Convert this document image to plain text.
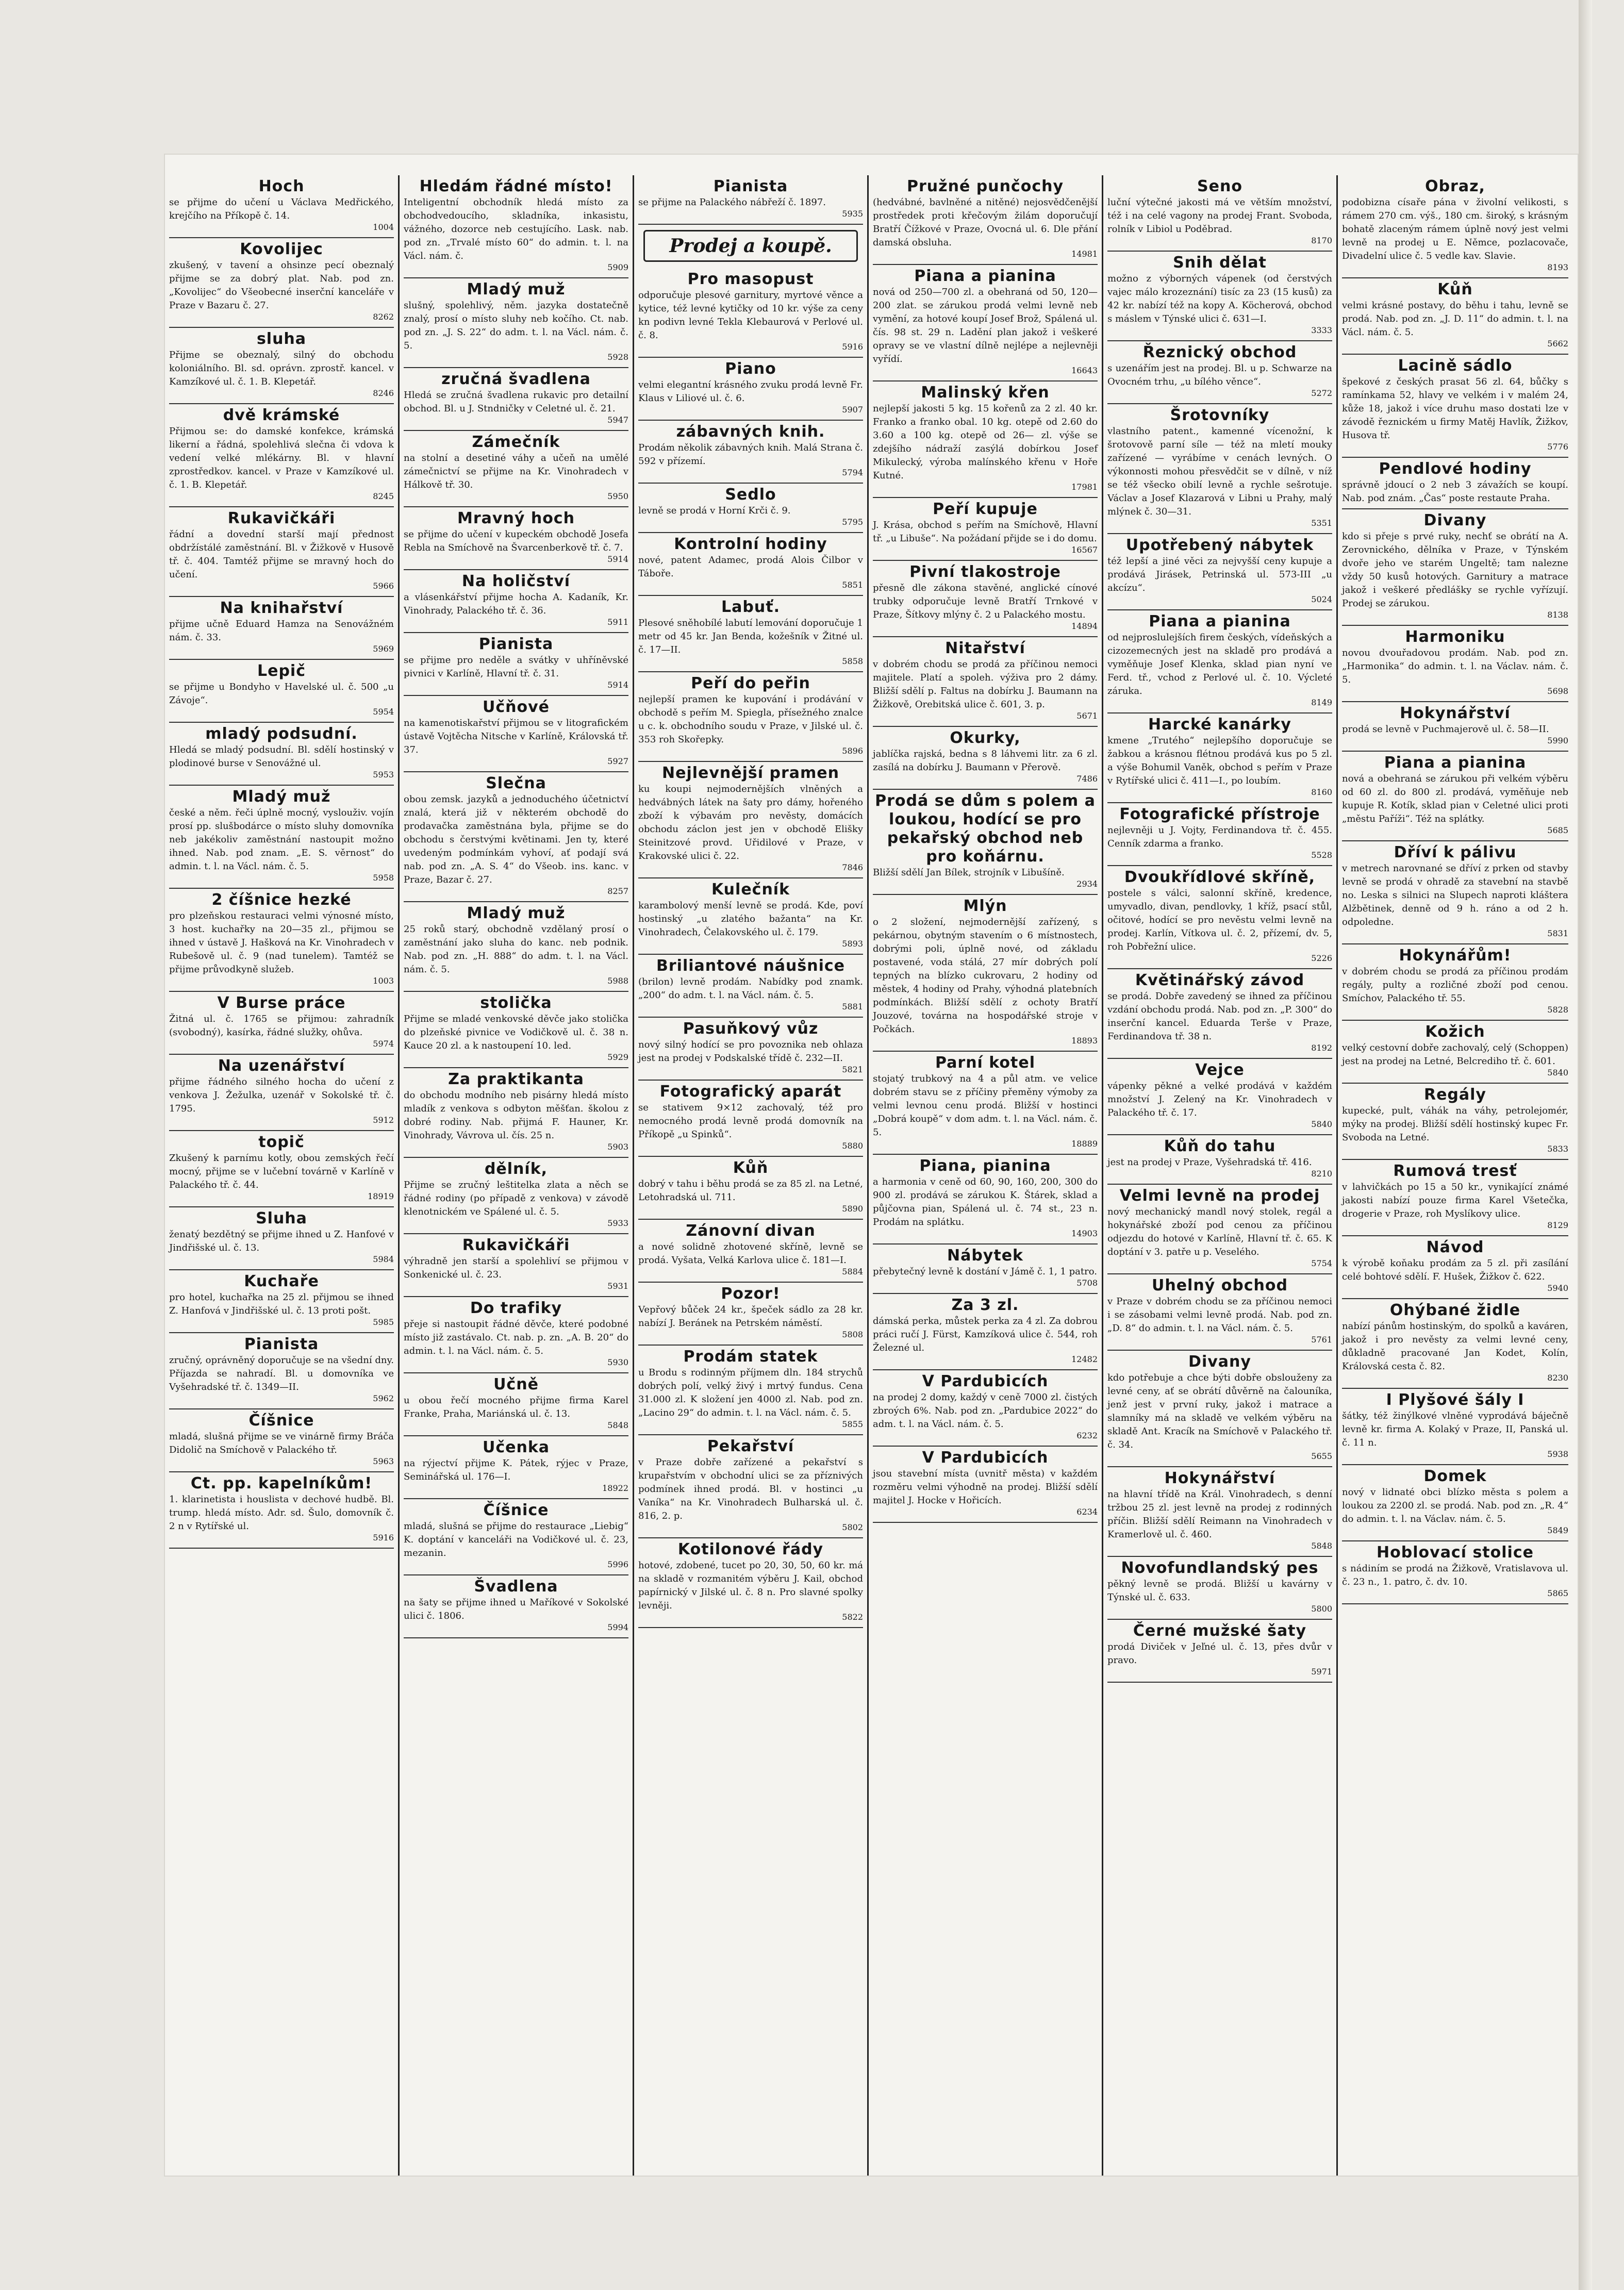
Hoch
se přijme do učení u Václava Medřického, krejčího na Příkopě č. 14.
1004
Kovolijec
zkušený, v tavení a ohsinze pecí obeznalý přijme se za dobrý plat. Nab. pod zn. „Kovolijec“ do Všeobecné inserční kanceláře v Praze v Bazaru č. 27.
8262
sluha
Přijme se obeznalý, silný do obchodu koloniálního. Bl. sd. oprávn. zprostř. kancel. v Kamzíkové ul. č. 1. B. Klepetář.
8246
dvě krámské
Přijmou se: do damské konfekce, krámská likerní a řádná, spolehlivá slečna či vdova k vedení velké mlékárny. Bl. v hlavní zprostředkov. kancel. v Praze v Kamzíkové ul. č. 1. B. Klepetář.
8245
Rukavičkáři
řádní a dovední starší mají přednost obdržístálé zaměstnání. Bl. v Žižkově v Husově tř. č. 404. Tamtéž přijme se mravný hoch do učení.
5966
Na knihařství
přijme učně Eduard Hamza na Senovážném nám. č. 33.
5969
Lepič
se přijme u Bondyho v Havelské ul. č. 500 „u Závoje“.
5954
mladý podsudní.
Hledá se mladý podsudní. Bl. sdělí hostinský v plodinové burse v Senovážné ul.
5953
Mladý muž
české a něm. řeči úplně mocný, vyslouživ. vojín prosí pp. slušbodárce o místo sluhy domovníka neb jakékoliv zaměstnání nastoupit možno ihned. Nab. pod znam. „E. S. věrnost“ do admin. t. l. na Václ. nám. č. 5.
5958
2 číšnice hezké
pro plzeňskou restauraci velmi výnosné místo, 3 host. kuchařky na 20—35 zl., přijmou se ihned v ústavě J. Hašková na Kr. Vinohradech v Rubešově ul. č. 9 (nad tunelem). Tamtéž se přijme průvodkyně služeb.
1003
V Burse práce
Žitná ul. č. 1765 se přijmou: zahradník (svobodný), kasírka, řádné služky, ohůva.
5974
Na uzenářství
přijme řádného silného hocha do učení z venkova J. Žežulka, uzenář v Sokolské tř. č. 1795.
5912
topič
Zkušený k parnímu kotly, obou zemských řečí mocný, přijme se v lučební továrně v Karlíně v Palackého tř. č. 44.
18919
Sluha
ženatý bezdětný se přijme ihned u Z. Hanfové v Jindřišské ul. č. 13.
5984
Kuchaře
pro hotel, kuchařka na 25 zl. přijmou se ihned Z. Hanfová v Jindřišské ul. č. 13 proti pošt.
5985
Pianista
zručný, oprávněný doporučuje se na všední dny. Příjazda se nahradí. Bl. u domovníka ve Vyšehradské tř. č. 1349—II.
5962
Číšnice
mladá, slušná přijme se ve vinárně firmy Bráča Didolič na Smíchově v Palackého tř.
5963
Ct. pp. kapelníkům!
1. klarinetista i houslista v dechové hudbě. Bl. trump. hledá místo. Adr. sd. Šulo, domovník č. 2 n v Rytířské ul.
5916
Hledám řádné místo!
Inteligentní obchodník hledá místo za obchodvedoucího, skladníka, inkasistu, vážného, dozorce neb cestujícího. Lask. nab. pod zn. „Trvalé místo 60“ do admin. t. l. na Václ. nám. č.
5909
Mladý muž
slušný, spolehlivý, něm. jazyka dostatečně znalý, prosí o místo sluhy neb kočího. Ct. nab. pod zn. „J. S. 22“ do adm. t. l. na Václ. nám. č. 5.
5928
zručná švadlena
Hledá se zručná švadlena rukavic pro detailní obchod. Bl. u J. Stndničky v Celetné ul. č. 21.
5947
Zámečník
na stolní a desetiné váhy a učeň na umělé zámečnictví se přijme na Kr. Vinohradech v Hálkově tř. 30.
5950
Mravný hoch
se přijme do učení v kupeckém obchodě Josefa Rebla na Smíchově na Švarcenberkově tř. č. 7.
5914
Na holičství
a vlásenkářství přijme hocha A. Kadaník, Kr. Vinohrady, Palackého tř. č. 36.
5911
Pianista
se přijme pro neděle a svátky v uhříněvské pivnici v Karlíně, Hlavní tř. č. 31.
5914
Učňové
na kamenotiskařství přijmou se v litografickém ústavě Vojtěcha Nitsche v Karlíně, Královská tř. 37.
5927
Slečna
obou zemsk. jazyků a jednoduchého účetnictví znalá, která již v některém obchodě do prodavačka zaměstnána byla, přijme se do obchodu s čerstvými květinami. Jen ty, které uvedeným podmínkám vyhoví, ať podají svá nab. pod zn. „A. S. 4“ do Všeob. ins. kanc. v Praze, Bazar č. 27.
8257
Mladý muž
25 roků starý, obchodně vzdělaný prosí o zaměstnání jako sluha do kanc. neb podnik. Nab. pod zn. „H. 888“ do adm. t. l. na Václ. nám. č. 5.
5988
stolička
Přijme se mladé venkovské děvče jako stolička do plzeňské pivnice ve Vodičkově ul. č. 38 n. Kauce 20 zl. a k nastoupení 10. led.
5929
Za praktikanta
do obchodu modního neb pisárny hledá místo mladík z venkova s odbyton měšťan. školou z dobré rodiny. Nab. přijmá F. Hauner, Kr. Vinohrady, Vávrova ul. čís. 25 n.
5903
dělník,
Přijme se zručný leštitelka zlata a něch se řádné rodiny (po případě z venkova) v závodě klenotnickém ve Spálené ul. č. 5.
5933
Rukavičkáři
výhradně jen starší a spolehliví se přijmou v Sonkenické ul. č. 23.
5931
Do trafiky
přeje si nastoupit řádné děvče, které podobné místo již zastávalo. Ct. nab. p. zn. „A. B. 20“ do admin. t. l. na Václ. nám. č. 5.
5930
Učně
u obou řečí mocného přijme firma Karel Franke, Praha, Mariánská ul. č. 13.
5848
Učenka
na rýjectví přijme K. Pátek, rýjec v Praze, Seminářská ul. 176—I.
18922
Číšnice
mladá, slušná se přijme do restaurace „Liebig“ K. doptání v kanceláři na Vodičkové ul. č. 23, mezanin.
5996
Švadlena
na šaty se přijme ihned u Maříkové v Sokolské ulici č. 1806.
5994
Pianista
se přijme na Palackého nábřeží č. 1897.
5935
Prodej a koupě.
Pro masopust
odporučuje plesové garnitury, myrtové věnce a kytice, též levné kytičky od 10 kr. výše za ceny kn podivn levné Tekla Klebaurová v Perlové ul. č. 8.
5916
Piano
velmi elegantní krásného zvuku prodá levně Fr. Klaus v Liliové ul. č. 6.
5907
zábavných knih.
Prodám několik zábavných knih. Malá Strana č. 592 v přízemí.
5794
Sedlo
levně se prodá v Horní Krči č. 9.
5795
Kontrolní hodiny
nové, patent Adamec, prodá Alois Čilbor v Táboře.
5851
Labuť.
Plesové sněhobílé labutí lemování doporučuje 1 metr od 45 kr. Jan Benda, kožešník v Žitné ul. č. 17—II.
5858
Peří do peřin
nejlepší pramen ke kupování i prodávání v obchodě s peřím M. Spiegla, přísežného znalce u c. k. obchodního soudu v Praze, v Jilské ul. č. 353 roh Skořepky.
5896
Nejlevnější pramen
ku koupi nejmodernějších vlněných a hedvábných látek na šaty pro dámy, hořeného zboží k výbavám pro nevěsty, domácích obchodu záclon jest jen v obchodě Elišky Steinitzové provd. Uřidilové v Praze, v Krakovské ulici č. 22.
7846
Kulečník
karambolový menší levně se prodá. Kde, poví hostinský „u zlatého bažanta“ na Kr. Vinohradech, Čelakovského ul. č. 179.
5893
Briliantové náušnice
(brilon) levně prodám. Nabídky pod znamk. „200“ do adm. t. l. na Václ. nám. č. 5.
5881
Pasuňkový vůz
nový silný hodící se pro povoznika neb ohlaza jest na prodej v Podskalské třídě č. 232—II.
5821
Fotografický aparát
se stativem 9×12 zachovalý, též pro nemocného prodá levně prodá domovník na Příkopě „u Spinků“.
5880
Kůň
dobrý v tahu i běhu prodá se za 85 zl. na Letné, Letohradská ul. 711.
5890
Zánovní divan
a nové solidně zhotovené skříně, levně se prodá. Vyšata, Velká Karlova ulice č. 181—I.
5884
Pozor!
Vepřový bůček 24 kr., špeček sádlo za 28 kr. nabízí J. Beránek na Petrském náměstí.
5808
Prodám statek
u Brodu s rodinným příjmem dln. 184 strychů dobrých polí, velký živý i mrtvý fundus. Cena 31.000 zl. K složení jen 4000 zl. Nab. pod zn. „Lacino 29“ do admin. t. l. na Václ. nám. č. 5.
5855
Pekařství
v Praze dobře zařízené a pekařství s krupařstvím v obchodní ulici se za příznivých podmínek ihned prodá. Bl. v hostinci „u Vaníka“ na Kr. Vinohradech Bulharská ul. č. 816, 2. p.
5802
Kotilonové řády
hotové, zdobené, tucet po 20, 30, 50, 60 kr. má na skladě v rozmanitém výběru J. Kail, obchod papírnický v Jilské ul. č. 8 n. Pro slavné spolky levněji.
5822
Pružné punčochy
(hedvábné, bavlněné a nitěné) nejosvědčenější prostředek proti křečovým žilám doporučují Bratří Čížkové v Praze, Ovocná ul. 6. Dle přání damská obsluha.
14981
Piana a pianina
nová od 250—700 zl. a obehraná od 50, 120—200 zlat. se zárukou prodá velmi levně neb vymění, za hotové koupí Josef Brož, Spálená ul. čís. 98 st. 29 n. Ladění plan jakož i veškeré opravy se ve vlastní dílně nejlépe a nejlevněji vyřídí.
16643
Malinský křen
nejlepší jakosti 5 kg. 15 kořenů za 2 zl. 40 kr. Franko a franko obal. 10 kg. otepě od 2.60 do 3.60 a 100 kg. otepě od 26— zl. výše se zdejšího nádraží zasýlá dobírkou Josef Mikulecký, výroba malínského křenu v Hoře Kutné.
17981
Peří kupuje
J. Krása, obchod s peřím na Smíchově, Hlavní tř. „u Libuše“. Na požádaní přijde se i do domu.
16567
Pivní tlakostroje
přesně dle zákona stavěné, anglické cínové trubky odporučuje levně Bratří Trnkové v Praze, Šítkovy mlýny č. 2 u Palackého mostu.
14894
Nitařství
v dobrém chodu se prodá za příčinou nemoci majitele. Platí a spoleh. výživa pro 2 dámy. Bližší sdělí p. Faltus na dobírku J. Baumann na Žižkově, Orebitská ulice č. 601, 3. p.
5671
Okurky,
jablíčka rajská, bedna s 8 láhvemi litr. za 6 zl. zasílá na dobírku J. Baumann v Přerově.
7486
Prodá se dům s polem a loukou, hodící se pro pekařský obchod neb pro koňárnu.
Bližší sdělí Jan Bílek, strojník v Libušíně.
2934
Mlýn
o 2 složení, nejmodernější zařízený, s pekárnou, obytným stavením o 6 místnostech, dobrými poli, úplně nové, od základu postavené, voda stálá, 27 mír dobrých polí tepných na blízko cukrovaru, 2 hodiny od městek, 4 hodiny od Prahy, výhodná platebních podmínkách. Bližší sdělí z ochoty Bratří Jouzové, továrna na hospodářské stroje v Počkách.
18893
Parní kotel
stojatý trubkový na 4 a půl atm. ve velice dobrém stavu se z příčiny přeměny výmoby za velmi levnou cenu prodá. Bližší v hostinci „Dobrá koupě“ v dom adm. t. l. na Václ. nám. č. 5.
18889
Piana, pianina
a harmonia v ceně od 60, 90, 160, 200, 300 do 900 zl. prodává se zárukou K. Štárek, sklad a půjčovna pian, Spálená ul. č. 74 st., 23 n. Prodám na splátku.
14903
Nábytek
přebytečný levně k dostání v Jámě č. 1, 1 patro.
5708
Za 3 zl.
dámská perka, můstek perka za 4 zl. Za dobrou práci ručí J. Fürst, Kamzíková ulice č. 544, roh Železné ul.
12482
V Pardubicích
na prodej 2 domy, každý v ceně 7000 zl. čistých zbroých 6%. Nab. pod zn. „Pardubice 2022“ do adm. t. l. na Václ. nám. č. 5.
6232
V Pardubicích
jsou stavební místa (uvnitř města) v každém rozměru velmi výhodně na prodej. Bližší sdělí majitel J. Hocke v Hořicích.
6234
Seno
luční výtečné jakosti má ve větším množství, též i na celé vagony na prodej Frant. Svoboda, rolník v Libiol u Poděbrad.
8170
Snih dělat
možno z výborných vápenek (od čerstvých vajec málo krozeznání) tisíc za 23 (15 kusů) za 42 kr. nabízí též na kopy A. Köcherová, obchod s máslem v Týnské ulici č. 631—I.
3333
Řeznický obchod
s uzenářím jest na prodej. Bl. u p. Schwarze na Ovocném trhu, „u bílého věnce“.
5272
Šrotovníky
vlastního patent., kamenné vícenožní, k šrotovově parní síle — též na mletí mouky zařízené — vyrábíme v cenách levných. O výkonnosti mohou přesvědčit se v dílně, v níž se též všecko obilí levně a rychle sešrotuje. Václav a Josef Klazarová v Libni u Prahy, malý mlýnek č. 30—31.
5351
Upotřebený nábytek
též lepší a jiné věci za nejvyšší ceny kupuje a prodává Jirásek, Petrinská ul. 573-III „u akcízu“.
5024
Piana a pianina
od nejproslulejších firem českých, vídeňských a cizozemecných jest na skladě pro prodává a vyměňuje Josef Klenka, sklad pian nyní ve Ferd. tř., vchod z Perlové ul. č. 10. Výcleté záruka.
8149
Harcké kanárky
kmene „Trutého“ nejlepšího doporučuje se žabkou a krásnou flétnou prodává kus po 5 zl. a výše Bohumil Vaněk, obchod s peřím v Praze v Rytířské ulici č. 411—I., po loubím.
8160
Fotografické přístroje
nejlevněji u J. Vojty, Ferdinandova tř. č. 455. Cenník zdarma a franko.
5528
Dvoukřídlové skříně,
postele s válci, salonní skříně, kredence, umyvadlo, divan, pendlovky, 1 kříž, psací stůl, očitové, hodící se pro nevěstu velmi levně na prodej. Karlín, Vítkova ul. č. 2, přízemí, dv. 5, roh Pobřežní ulice.
5226
Květinářský závod
se prodá. Dobře zavedený se ihned za příčinou vzdání obchodu prodá. Nab. pod zn. „P. 300“ do inserční kancel. Eduarda Terše v Praze, Ferdinandova tř. 38 n.
8192
Vejce
vápenky pěkné a velké prodává v každém množství J. Zelený na Kr. Vinohradech v Palackého tř. č. 17.
5840
Kůň do tahu
jest na prodej v Praze, Vyšehradská tř. 416.
8210
Velmi levně na prodej
nový mechanický mandl nový stolek, regál a hokynářské zboží pod cenou za příčinou odjezdu do hotové v Karlíně, Hlavní tř. č. 65. K doptání v 3. patře u p. Veselého.
5754
Uhelný obchod
v Praze v dobrém chodu se za příčinou nemoci i se zásobami velmi levně prodá. Nab. pod zn. „D. 8“ do admin. t. l. na Václ. nám. č. 5.
5761
Divany
kdo potřebuje a chce býti dobře obslouženy za levné ceny, ať se obrátí důvěrně na čalouníka, jenž jest v první ruky, jakož i matrace a slamníky má na skladě ve velkém výběru na skladě Ant. Kracík na Smíchově v Palackého tř. č. 34.
5655
Hokynářství
na hlavní třídě na Král. Vinohradech, s denní tržbou 25 zl. jest levně na prodej z rodinných příčin. Bližší sdělí Reimann na Vinohradech v Kramerlově ul. č. 460.
5848
Novofundlandský pes
pěkný levně se prodá. Bližší u kavárny v Týnské ul. č. 633.
5800
Černé mužské šaty
prodá Diviček v Jeľné ul. č. 13, přes dvůr v pravo.
5971
Obraz,
podobizna císaře pána v živolní velikosti, s rámem 270 cm. výš., 180 cm. široký, s krásným bohatě zlaceným rámem úplně nový jest velmi levně na prodej u E. Němce, pozlacovače, Divadelní ulice č. 5 vedle kav. Slavie.
8193
Kůň
velmi krásné postavy, do běhu i tahu, levně se prodá. Nab. pod zn. „J. D. 11“ do admin. t. l. na Václ. nám. č. 5.
5662
Lacině sádlo
špekové z českých prasat 56 zl. 64, bůčky s ramínkama 52, hlavy ve velkém i v malém 24, kůže 18, jakož i více druhu maso dostati lze v závodě řeznickém u firmy Matěj Havlík, Žižkov, Husova tř.
5776
Pendlové hodiny
správně jdoucí o 2 neb 3 závažích se koupí. Nab. pod znám. „Čas“ poste restaute Praha.
Divany
kdo si přeje s prvé ruky, nechť se obrátí na A. Zerovnického, dělníka v Praze, v Týnském dvoře jeho ve starém Ungeltě; tam nalezne vždy 50 kusů hotových. Garnitury a matrace jakož i veškeré předlášky se rychle vyřízují. Prodej se zárukou.
8138
Harmoniku
novou dvouřadovou prodám. Nab. pod zn. „Harmonika“ do admin. t. l. na Václav. nám. č. 5.
5698
Hokynářství
prodá se levně v Puchmajerově ul. č. 58—II.
5990
Piana a pianina
nová a obehraná se zárukou při velkém výběru od 60 zl. do 800 zl. prodává, vyměňuje neb kupuje R. Kotík, sklad pian v Celetné ulici proti „městu Paříži“. Též na splátky.
5685
Dříví k pálivu
v metrech narovnané se dříví z prken od stavby levně se prodá v ohradě za stavební na stavbě no. Leska s silnici na Slupech naproti kláštera Alžbětinek, denně od 9 h. ráno a od 2 h. odpoledne.
5831
Hokynářům!
v dobrém chodu se prodá za příčinou prodám regály, pulty a rozličné zboží pod cenou. Smíchov, Palackého tř. 55.
5828
Kožich
velký cestovní dobře zachovalý, celý (Schoppen) jest na prodej na Letné, Belcrediho tř. č. 601.
5840
Regály
kupecké, pult, váhák na váhy, petrolejomér, mýky na prodej. Bližší sdělí hostinský kupec Fr. Svoboda na Letné.
5833
Rumová tresť
v lahvičkách po 15 a 50 kr., vynikající známé jakosti nabízí pouze firma Karel Všetečka, drogerie v Praze, roh Myslíkovy ulice.
8129
Návod
k výrobě koňaku prodám za 5 zl. při zasílání celé bohtové sdělí. F. Hušek, Žižkov č. 622.
5940
Ohýbané židle
nabízí pánům hostinským, do spolků a kaváren, jakož i pro nevěsty za velmi levné ceny, důkladně pracované Jan Kodet, Kolín, Královská cesta č. 82.
8230
I Plyšové šály I
šátky, též žinýlkové vlněné vyprodává báječně levně kr. firma A. Kolaký v Praze, II, Panská ul. č. 11 n.
5938
Domek
nový v lidnaté obci blízko města s polem a loukou za 2200 zl. se prodá. Nab. pod zn. „R. 4“ do admin. t. l. na Václav. nám. č. 5.
5849
Hoblovací stolice
s nádiním se prodá na Žižkově, Vratislavova ul. č. 23 n., 1. patro, č. dv. 10.
5865
